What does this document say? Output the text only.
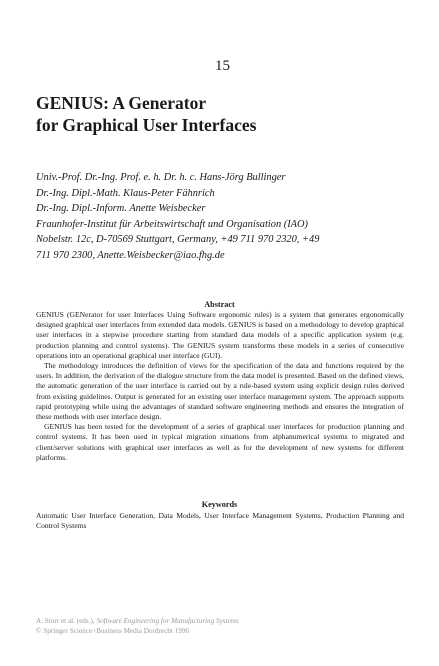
15
GENIUS: A Generator
for Graphical User Interfaces
Univ.-Prof. Dr.-Ing. Prof. e. h. Dr. h. c. Hans-Jörg Bullinger
Dr.-Ing. Dipl.-Math. Klaus-Peter Fähnrich
Dr.-Ing. Dipl.-Inform. Anette Weisbecker
Fraunhofer-Institut für Arbeitswirtschaft und Organisation (IAO)
Nobelstr. 12c, D-70569 Stuttgart, Germany, +49 711 970 2320, +49
711 970 2300, Anette.Weisbecker@iao.fhg.de
Abstract

GENIUS (GENerator for user Interfaces Using Software ergonomic rules) is a system that generates ergonomically designed graphical user interfaces from extended data models. GENIUS is based on a methodology to develop graphical user interfaces in a stepwise procedure starting from standard data models of a specific application system (e.g. production planning and control systems). The GENIUS system transforms these models in a series of consecutive operations into an operational graphical user interface (GUI).

The methodology introduces the definition of views for the specification of the data and functions required by the users. In addition, the derivation of the dialogue structure from the data model is presented. Based on the defined views, the automatic generation of the user interface is carried out by a rule-based system using explicit design rules derived from existing guidelines. Output is generated for an existing user interface management system. The approach supports rapid prototyping while using the advantages of standard software engineering methods and ensures the integration of these methods with user interface design.

GENIUS has been tested for the development of a series of graphical user interfaces for production planning and control systems. It has been used in typical migration situations from alphanumerical systems to migrated and client/server solutions with graphical user interfaces as well as for the development of new systems for different platforms.

Keywords
Automatic User Interface Generation, Data Models, User Interface Management Systems, Production Planning and Control Systems
A. Storr et al. (eds.), Software Engineering for Manufacturing Systems
© Springer Science+Business Media Dordrecht 1996
